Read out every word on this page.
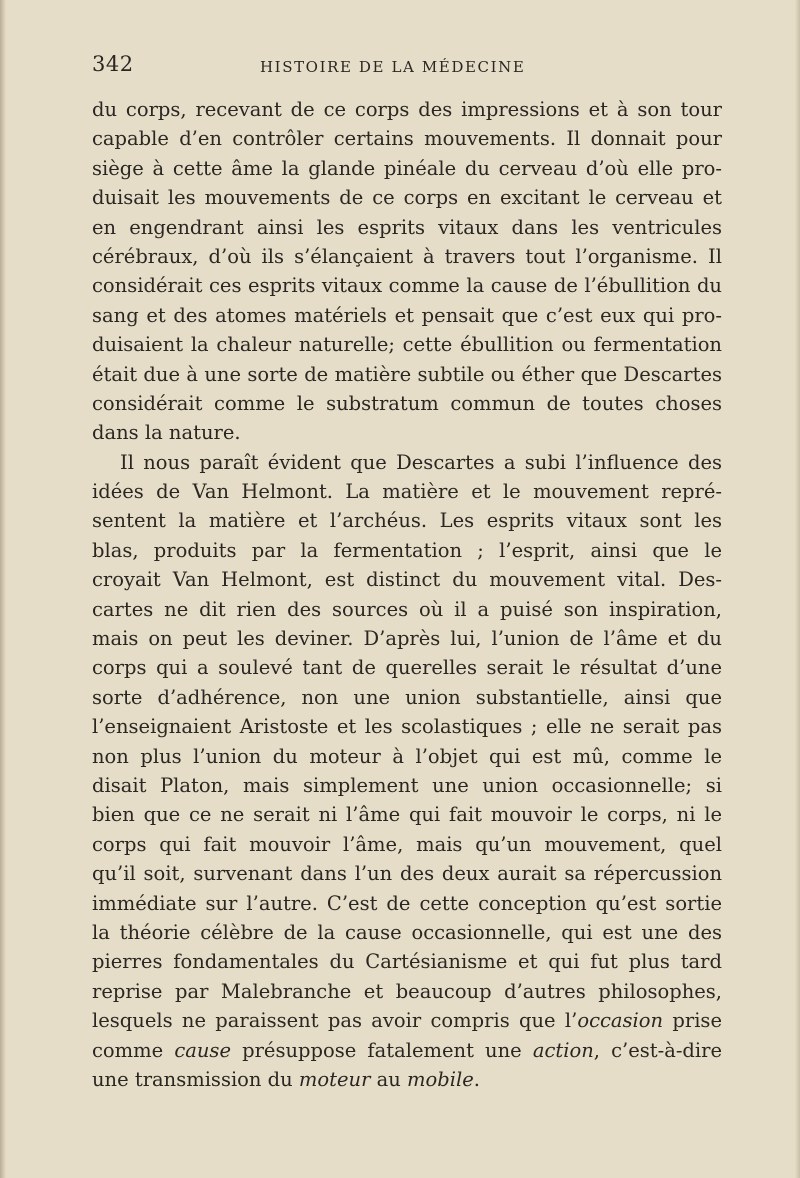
342	HISTOIRE DE LA MÉDECINE
du corps, recevant de ce corps des impressions et à son tour
capable d’en contrôler certains mouvements. Il donnait pour
siège à cette âme la glande pinéale du cerveau d’où elle pro-
duisait les mouvements de ce corps en excitant le cerveau et
en engendrant ainsi les esprits vitaux dans les ventricules
cérébraux, d’où ils s’élançaient à travers tout l’organisme. Il
considérait ces esprits vitaux comme la cause de l’ébullition du
sang et des atomes matériels et pensait que c’est eux qui pro-
duisaient la chaleur naturelle; cette ébullition ou fermentation
était due à une sorte de matière subtile ou éther que Descartes
considérait comme le substratum commun de toutes choses
dans la nature.
Il nous paraît évident que Descartes a subi l’influence des
idées de Van Helmont. La matière et le mouvement repré-
sentent la matière et l’archéus. Les esprits vitaux sont les
blas, produits par la fermentation ; l’esprit, ainsi que le
croyait Van Helmont, est distinct du mouvement vital. Des-
cartes ne dit rien des sources où il a puisé son inspiration,
mais on peut les deviner. D’après lui, l’union de l’âme et du
corps qui a soulevé tant de querelles serait le résultat d’une
sorte d’adhérence, non une union substantielle, ainsi que
l’enseignaient Aristoste et les scolastiques ; elle ne serait pas
non plus l’union du moteur à l’objet qui est mû, comme le
disait Platon, mais simplement une union occasionnelle; si
bien que ce ne serait ni l’âme qui fait mouvoir le corps, ni le
corps qui fait mouvoir l’âme, mais qu’un mouvement, quel
qu’il soit, survenant dans l’un des deux aurait sa répercussion
immédiate sur l’autre. C’est de cette conception qu’est sortie
la théorie célèbre de la cause occasionnelle, qui est une des
pierres fondamentales du Cartésianisme et qui fut plus tard
reprise par Malebranche et beaucoup d’autres philosophes,
lesquels ne paraissent pas avoir compris que l’occasion prise
comme cause présuppose fatalement une action, c’est-à-dire
une transmission du moteur au mobile.
